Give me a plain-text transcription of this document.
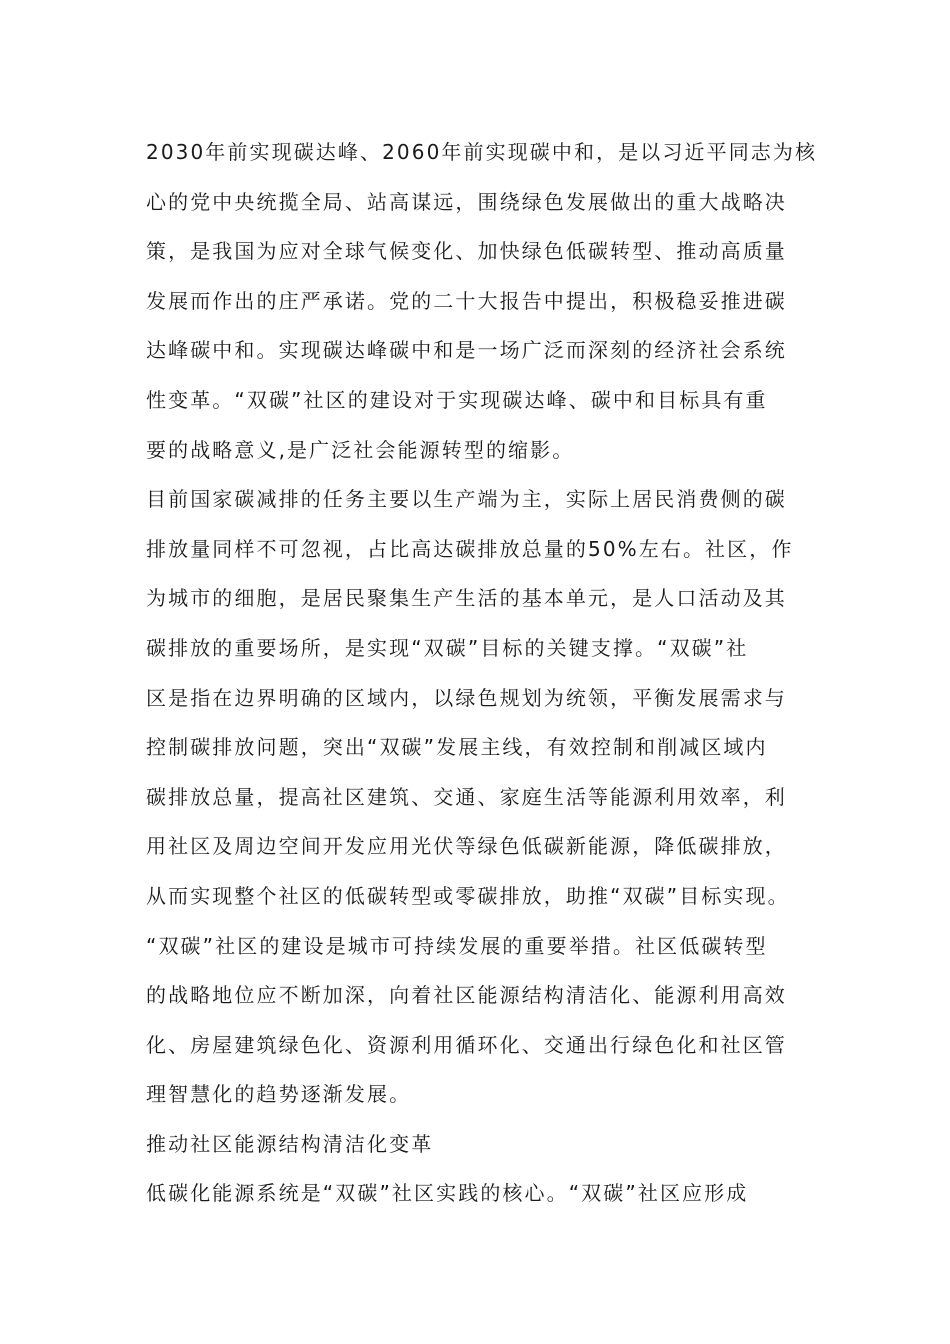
2030年前实现碳达峰、2060年前实现碳中和，是以习近平同志为核
心的党中央统揽全局、站高谋远，围绕绿色发展做出的重大战略决
策，是我国为应对全球气候变化、加快绿色低碳转型、推动高质量
发展而作出的庄严承诺。党的二十大报告中提出，积极稳妥推进碳
达峰碳中和。实现碳达峰碳中和是一场广泛而深刻的经济社会系统
性变革。“双碳”社区的建设对于实现碳达峰、碳中和目标具有重
要的战略意义,是广泛社会能源转型的缩影。
目前国家碳减排的任务主要以生产端为主，实际上居民消费侧的碳
排放量同样不可忽视，占比高达碳排放总量的50%左右。社区，作
为城市的细胞，是居民聚集生产生活的基本单元，是人口活动及其
碳排放的重要场所，是实现“双碳”目标的关键支撑。“双碳”社
区是指在边界明确的区域内，以绿色规划为统领，平衡发展需求与
控制碳排放问题，突出“双碳”发展主线，有效控制和削减区域内
碳排放总量，提高社区建筑、交通、家庭生活等能源利用效率，利
用社区及周边空间开发应用光伏等绿色低碳新能源，降低碳排放，
从而实现整个社区的低碳转型或零碳排放，助推“双碳”目标实现。
“双碳”社区的建设是城市可持续发展的重要举措。社区低碳转型
的战略地位应不断加深，向着社区能源结构清洁化、能源利用高效
化、房屋建筑绿色化、资源利用循环化、交通出行绿色化和社区管
理智慧化的趋势逐渐发展。
推动社区能源结构清洁化变革
低碳化能源系统是“双碳”社区实践的核心。“双碳”社区应形成
